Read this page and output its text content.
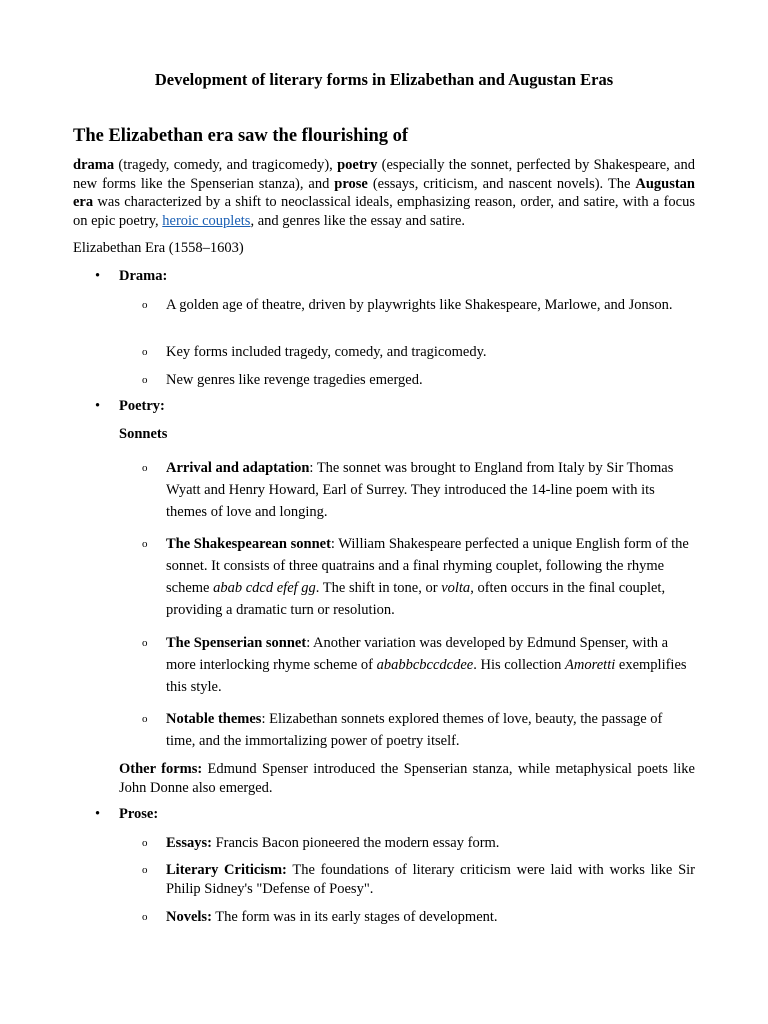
Development of literary forms in Elizabethan and Augustan Eras
The Elizabethan era saw the flourishing of

drama (tragedy, comedy, and tragicomedy), poetry (especially the sonnet, perfected by Shakespeare, and new forms like the Spenserian stanza), and prose (essays, criticism, and nascent novels). The Augustan era was characterized by a shift to neoclassical ideals, emphasizing reason, order, and satire, with a focus on epic poetry, heroic couplets, and genres like the essay and satire.

Elizabethan Era (1558–1603)

• Drama:
o A golden age of theatre, driven by playwrights like Shakespeare, Marlowe, and Jonson.
o Key forms included tragedy, comedy, and tragicomedy.
o New genres like revenge tragedies emerged.
• Poetry:
Sonnets
o Arrival and adaptation: The sonnet was brought to England from Italy by Sir Thomas Wyatt and Henry Howard, Earl of Surrey. They introduced the 14-line poem with its themes of love and longing.
o The Shakespearean sonnet: William Shakespeare perfected a unique English form of the sonnet. It consists of three quatrains and a final rhyming couplet, following the rhyme scheme abab cdcd efef gg. The shift in tone, or volta, often occurs in the final couplet, providing a dramatic turn or resolution.
o The Spenserian sonnet: Another variation was developed by Edmund Spenser, with a more interlocking rhyme scheme of ababbcbccdcdee. His collection Amoretti exemplifies this style.
o Notable themes: Elizabethan sonnets explored themes of love, beauty, the passage of time, and the immortalizing power of poetry itself.

Other forms: Edmund Spenser introduced the Spenserian stanza, while metaphysical poets like John Donne also emerged.

• Prose:
o Essays: Francis Bacon pioneered the modern essay form.
o Literary Criticism: The foundations of literary criticism were laid with works like Sir Philip Sidney's "Defense of Poesy".
o Novels: The form was in its early stages of development.
